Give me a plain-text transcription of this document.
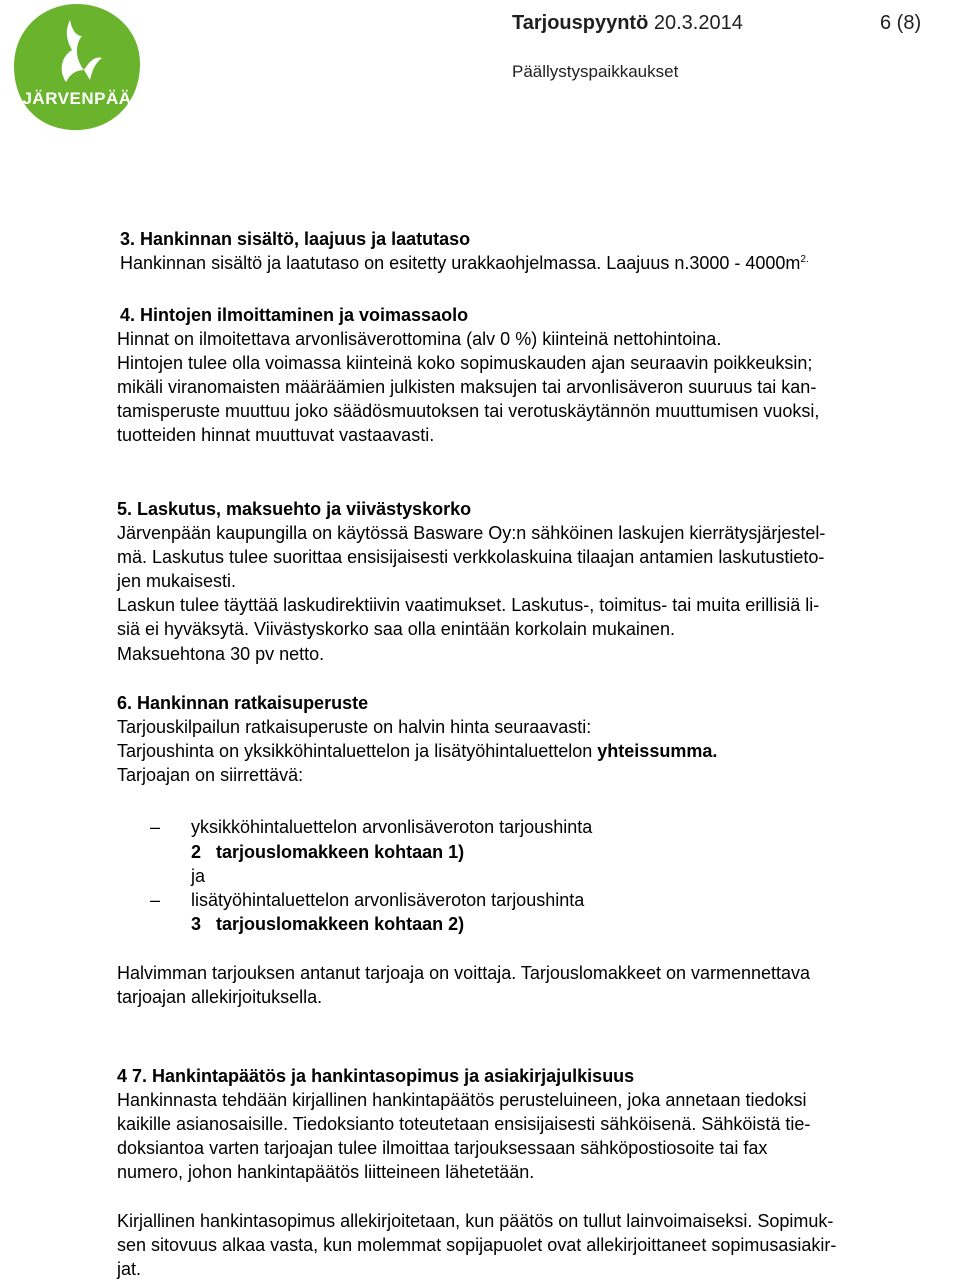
JÄRVENPÄÄ
Tarjouspyyntö 20.3.2014	6 (8)
Päällystyspaikkaukset
3. Hankinnan sisältö, laajuus ja laatutaso
Hankinnan sisältö ja laatutaso on esitetty urakkaohjelmassa. Laajuus $n.3000 - 4000m^{2.}$
4. Hintojen ilmoittaminen ja voimassaolo
Hinnat on ilmoitettava arvonlisäverottomina (alv 0 %) kiinteinä nettohintoina.
Hintojen tulee olla voimassa kiinteinä koko sopimuskauden ajan seuraavin poikkeuksin;
mikäli viranomaisten määräämien julkisten maksujen tai arvonlisäveron suuruus tai kan-
tamisperuste muuttuu joko säädösmuutoksen tai verotuskäytännön muuttumisen vuoksi,
tuotteiden hinnat muuttuvat vastaavasti.
5. Laskutus, maksuehto ja viivästyskorko
Järvenpään kaupungilla on käytössä Basware Oy:n sähköinen laskujen kierrätysjärjestel-
mä. Laskutus tulee suorittaa ensisijaisesti verkkolaskuina tilaajan antamien laskutustieto-
jen mukaisesti.
Laskun tulee täyttää laskudirektiivin vaatimukset. Laskutus-, toimitus- tai muita erillisiä li-
siä ei hyväksytä. Viivästyskorko saa olla enintään korkolain mukainen.
Maksuehtona 30 pv netto.
6. Hankinnan ratkaisuperuste
Tarjouskilpailun ratkaisuperuste on halvin hinta seuraavasti:
Tarjoushinta on yksikköhintaluettelon ja lisätyöhintaluettelon yhteissumma.
Tarjoajan on siirrettävä:
– yksikköhintaluettelon arvonlisäveroton tarjoushinta
2   tarjouslomakkeen kohtaan 1)
ja
– lisätyöhintaluettelon arvonlisäveroton tarjoushinta
3   tarjouslomakkeen kohtaan 2)
Halvimman tarjouksen antanut tarjoaja on voittaja. Tarjouslomakkeet on varmennettava
tarjoajan allekirjoituksella.
4 7. Hankintapäätös ja hankintasopimus ja asiakirjajulkisuus
Hankinnasta tehdään kirjallinen hankintapäätös perusteluineen, joka annetaan tiedoksi
kaikille asianosaisille. Tiedoksianto toteutetaan ensisijaisesti sähköisenä. Sähköistä tie-
doksiantoa varten tarjoajan tulee ilmoittaa tarjouksessaan sähköpostiosoite tai fax
numero, johon hankintapäätös liitteineen lähetetään.
Kirjallinen hankintasopimus allekirjoitetaan, kun päätös on tullut lainvoimaiseksi. Sopimuk-
sen sitovuus alkaa vasta, kun molemmat sopijapuolet ovat allekirjoittaneet sopimusasiakir-
jat.
